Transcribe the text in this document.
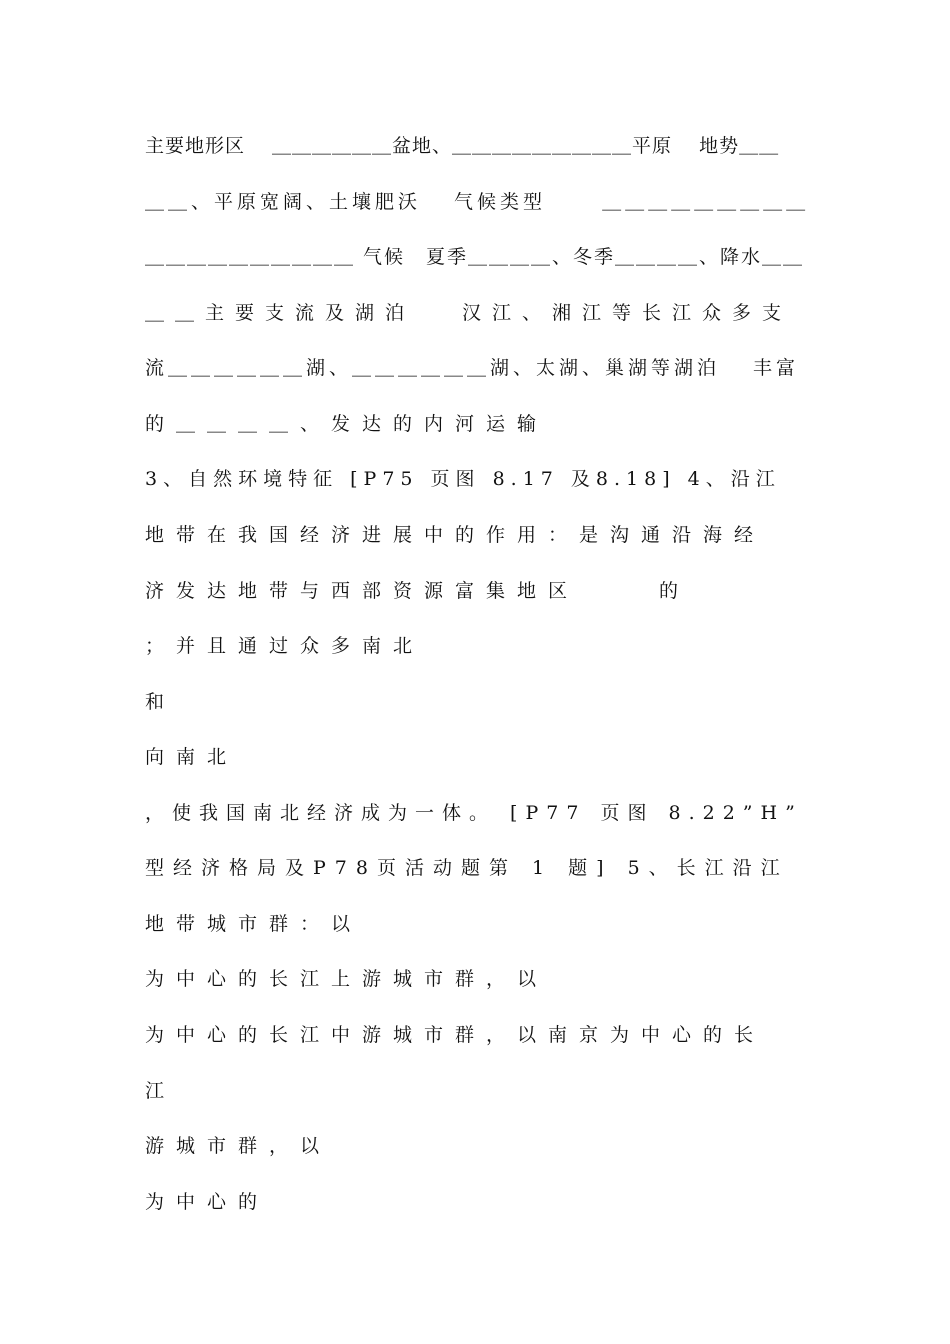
主要地形区　 ＿＿＿＿＿＿盆地、＿＿＿＿＿＿＿＿＿平原　 地势＿＿
＿＿、平原宽阔、土壤肥沃　 气候类型　　 ＿＿＿＿＿＿＿＿＿
＿＿＿＿＿＿＿＿＿＿ 气候　夏季＿＿＿＿、冬季＿＿＿＿、降水＿＿
＿＿主要支流及湖泊　 汉江、湘江等长江众多支
流＿＿＿＿＿＿湖、＿＿＿＿＿＿湖、太湖、巢湖等湖泊　 丰富
的＿＿＿＿、发达的内河运输
3、自然环境特征 [P75 页图 8.17 及8.18] 4、沿江
地带在我国经济进展中的作用：是沟通沿海经
济发达地带与西部资源富集地区　　 的
；并且通过众多南北
和
向南北
，使我国南北经济成为一体。 [P77 页图 8.22”H”
型经济格局及P78页活动题第 1 题] 5、长江沿江
地带城市群：以
为中心的长江上游城市群，以
为中心的长江中游城市群，以南京为中心的长
江
游城市群，以
为中心的
